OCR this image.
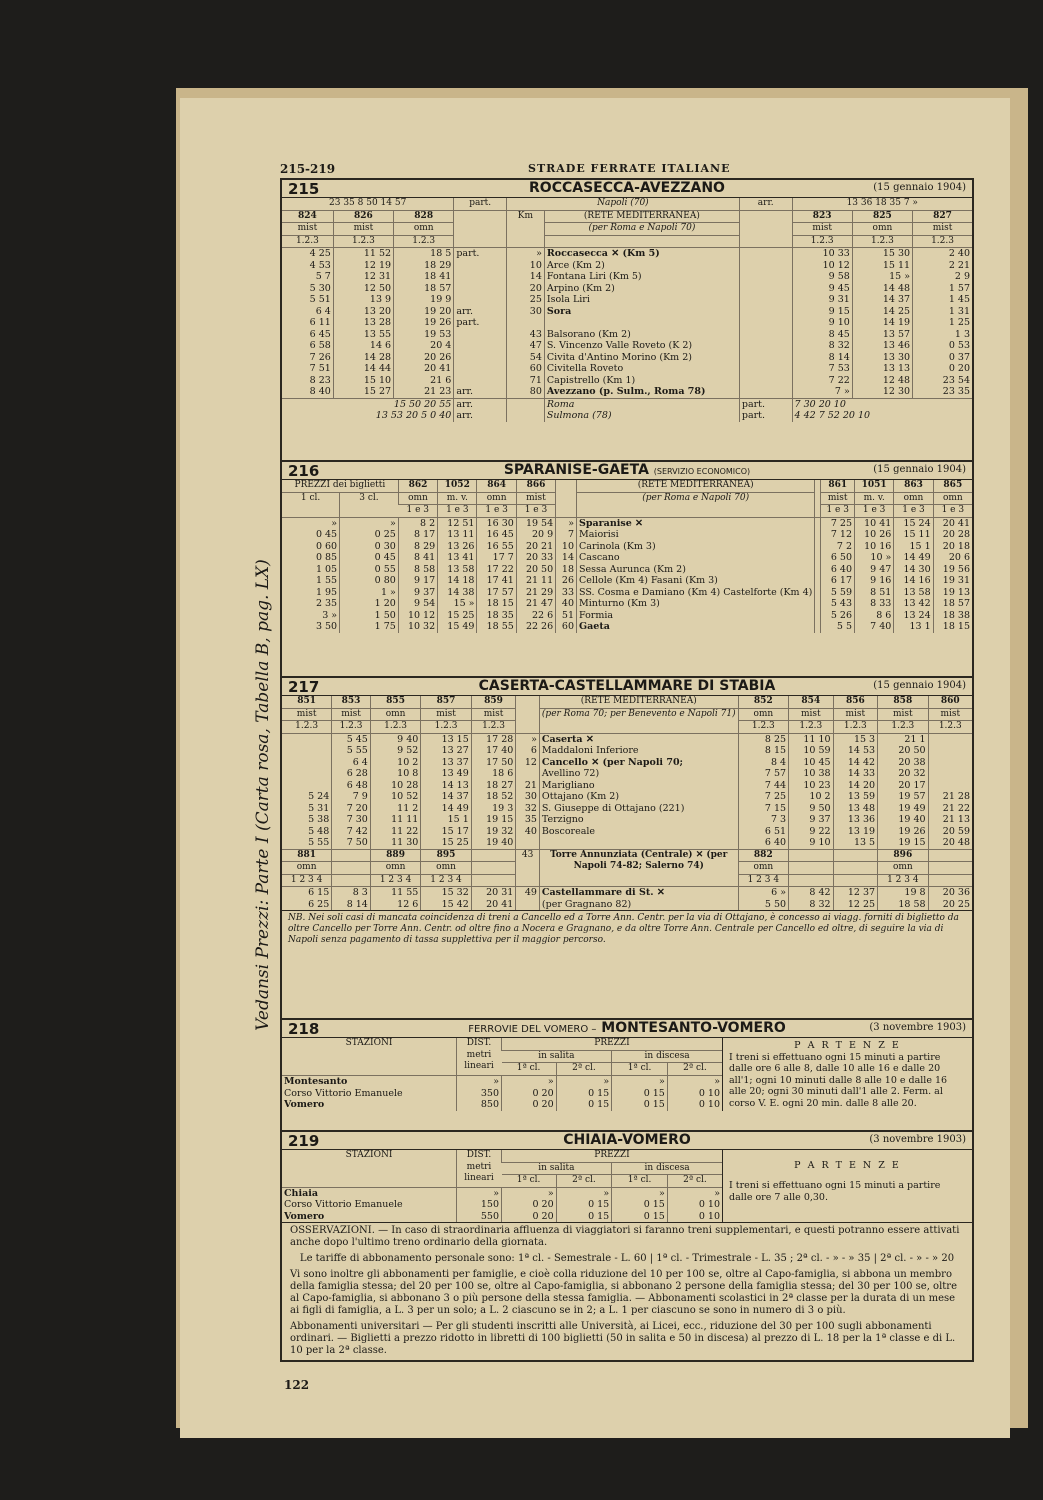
215-219	STRADE FERRATE ITALIANE
Vedansi Prezzi: Parte I (Carta rosa, Tabella B, pag. LX)
215	ROCCASECCA-AVEZZANO	(15 gennaio 1904)
23 35 8 50 14 57			part.	Napoli (70)		arr.	13 36 18 35 7 »		
824	826	828		Km	(RETE MEDITERRANEA)		823	825	827
mist	mist	omn			(per Roma e Napoli 70)		mist	omn	mist
1.2.3	1.2.3	1.2.3					1.2.3	1.2.3	1.2.3
4 25	11 52	18 5	part.	»	Roccasecca ✕ (Km 5)		10 33	15 30	2 40
4 53	12 19	18 29		10	Arce (Km 2)		10 12	15 11	2 21
5 7	12 31	18 41		14	Fontana Liri (Km 5)		9 58	15 »	2 9
5 30	12 50	18 57		20	Arpino (Km 2)		9 45	14 48	1 57
5 51	13 9	19 9		25	Isola Liri		9 31	14 37	1 45
6 4	13 20	19 20	arr.	30	Sora		9 15	14 25	1 31
6 11	13 28	19 26	part.				9 10	14 19	1 25
6 45	13 55	19 53		43	Balsorano (Km 2)		8 45	13 57	1 3
6 58	14 6	20 4		47	S. Vincenzo Valle Roveto (K 2)		8 32	13 46	0 53
7 26	14 28	20 26		54	Civita d'Antino Morino (Km 2)		8 14	13 30	0 37
7 51	14 44	20 41		60	Civitella Roveto		7 53	13 13	0 20
8 23	15 10	21 6		71	Capistrello (Km 1)		7 22	12 48	23 54
8 40	15 27	21 23	arr.	80	Avezzano (p. Sulm., Roma 78)		7 »	12 30	23 35
15 50 20 55			arr.		Roma	part.	7 30 20 10		
13 53 20 5 0 40			arr.		Sulmona (78)	part.	4 42 7 52 20 10		
216	SPARANISE-GAETA (SERVIZIO ECONOMICO)	(15 gennaio 1904)
PREZZI dei biglietti		862	1052	864	866		(RETE MEDITERRANEA)		861	1051	863	865
1 cl.	3 cl.	omn	m. v.	omn	mist		(per Roma e Napoli 70)		mist	m. v.	omn	omn
		1 e 3	1 e 3	1 e 3	1 e 3				1 e 3	1 e 3	1 e 3	1 e 3
»	»	8 2	12 51	16 30	19 54	»	Sparanise ✕		7 25	10 41	15 24	20 41
0 45	0 25	8 17	13 11	16 45	20 9	7	Maiorisi		7 12	10 26	15 11	20 28
0 60	0 30	8 29	13 26	16 55	20 21	10	Carinola (Km 3)		7 2	10 16	15 1	20 18
0 85	0 45	8 41	13 41	17 7	20 33	14	Cascano		6 50	10 »	14 49	20 6
1 05	0 55	8 58	13 58	17 22	20 50	18	Sessa Aurunca (Km 2)		6 40	9 47	14 30	19 56
1 55	0 80	9 17	14 18	17 41	21 11	26	Cellole (Km 4) Fasani (Km 3)		6 17	9 16	14 16	19 31
1 95	1 »	9 37	14 38	17 57	21 29	33	SS. Cosma e Damiano (Km 4) Castelforte (Km 4)		5 59	8 51	13 58	19 13
2 35	1 20	9 54	15 »	18 15	21 47	40	Minturno (Km 3)		5 43	8 33	13 42	18 57
3 »	1 50	10 12	15 25	18 35	22 6	51	Formia		5 26	8 6	13 24	18 38
3 50	1 75	10 32	15 49	18 55	22 26	60	Gaeta		5 5	7 40	13 1	18 15
217	CASERTA-CASTELLAMMARE DI STABIA	(15 gennaio 1904)
851	853	855	857	859		(RETE MEDITERRANEA)	852	854	856	858	860
mist	mist	omn	mist	mist		(per Roma 70; per Benevento e Napoli 71)	omn	mist	mist	mist	mist
1.2.3	1.2.3	1.2.3	1.2.3	1.2.3			1.2.3	1.2.3	1.2.3	1.2.3	1.2.3
	5 45	9 40	13 15	17 28	»	Caserta ✕	8 25	11 10	15 3	21 1	
	5 55	9 52	13 27	17 40	6	Maddaloni Inferiore	8 15	10 59	14 53	20 50	
	6 4	10 2	13 37	17 50	12	Cancello ✕ (per Napoli 70;	8 4	10 45	14 42	20 38	
	6 28	10 8	13 49	18 6		Avellino 72)	7 57	10 38	14 33	20 32	
	6 48	10 28	14 13	18 27	21	Marigliano	7 44	10 23	14 20	20 17	
5 24	7 9	10 52	14 37	18 52	30	Ottajano (Km 2)	7 25	10 2	13 59	19 57	21 28
5 31	7 20	11 2	14 49	19 3	32	S. Giuseppe di Ottajano (221)	7 15	9 50	13 48	19 49	21 22
5 38	7 30	11 11	15 1	19 15	35	Terzigno	7 3	9 37	13 36	19 40	21 13
5 48	7 42	11 22	15 17	19 32	40	Boscoreale	6 51	9 22	13 19	19 26	20 59
5 55	7 50	11 30	15 25	19 40			6 40	9 10	13 5	19 15	20 48
881		889	895		43	Torre Annunziata (Centrale) ✕ (per Napoli 74-82; Salerno 74)	882			896	
omn		omn	omn				omn			omn	
1 2 3 4		1 2 3 4	1 2 3 4				1 2 3 4			1 2 3 4	
6 15	8 3	11 55	15 32	20 31	49	Castellammare di St. ✕	6 »	8 42	12 37	19 8	20 36
6 25	8 14	12 6	15 42	20 41		(per Gragnano 82)	5 50	8 32	12 25	18 58	20 25
NB. Nei soli casi di mancata coincidenza di treni a Cancello ed a Torre Ann. Centr. per la via di Ottajano, è concesso ai viagg. forniti di biglietto da oltre Cancello per Torre Ann. Centr. od oltre fino a Nocera e Gragnano, e da oltre Torre Ann. Centrale per Cancello ed oltre, di seguire la via di Napoli senza pagamento di tassa supplettiva per il maggior percorso.
218	FERROVIE DEL VOMERO – MONTESANTO-VOMERO	(3 novembre 1903)
STAZIONI	DIST. metri lineari	PREZZI			
		in salita		in discesa	
		1ª cl.	2ª cl.	1ª cl.	2ª cl.
Montesanto	»	»	»	»	»
Corso Vittorio Emanuele	350	0 20	0 15	0 15	0 10
Vomero	850	0 20	0 15	0 15	0 10
P A R T E N Z E
I treni si effettuano ogni 15 minuti a partire dalle ore 6 alle 8, dalle 10 alle 16 e dalle 20 all'1; ogni 10 minuti dalle 8 alle 10 e dalle 16 alle 20; ogni 30 minuti dall'1 alle 2. Ferm. al corso V. E. ogni 20 min. dalle 8 alle 20.
219	CHIAIA-VOMERO	(3 novembre 1903)
STAZIONI	DIST. metri lineari	PREZZI			
		in salita		in discesa	
		1ª cl.	2ª cl.	1ª cl.	2ª cl.
Chiaia	»	»	»	»	»
Corso Vittorio Emanuele	150	0 20	0 15	0 15	0 10
Vomero	550	0 20	0 15	0 15	0 10
P A R T E N Z E
I treni si effettuano ogni 15 minuti a partire dalle ore 7 alle 0,30.
OSSERVAZIONI. — In caso di straordinaria affluenza di viaggiatori si faranno treni supplementari, e questi potranno essere attivati anche dopo l'ultimo treno ordinario della giornata.
Le tariffe di abbonamento personale sono: 1ª cl. - Semestrale - L. 60 | 1ª cl. - Trimestrale - L. 35 ; 2ª cl. - » - » 35 | 2ª cl. - » - » 20
Vi sono inoltre gli abbonamenti per famiglie, e cioè colla riduzione del 10 per 100 se, oltre al Capo-famiglia, si abbona un membro della famiglia stessa; del 20 per 100 se, oltre al Capo-famiglia, si abbonano 2 persone della famiglia stessa; del 30 per 100 se, oltre al Capo-famiglia, si abbonano 3 o più persone della stessa famiglia. — Abbonamenti scolastici in 2ª classe per la durata di un mese ai figli di famiglia, a L. 3 per un solo; a L. 2 ciascuno se in 2; a L. 1 per ciascuno se sono in numero di 3 o più.
Abbonamenti universitari — Per gli studenti inscritti alle Università, ai Licei, ecc., riduzione del 30 per 100 sugli abbonamenti ordinari. — Biglietti a prezzo ridotto in libretti di 100 biglietti (50 in salita e 50 in discesa) al prezzo di L. 18 per la 1ª classe e di L. 10 per la 2ª classe.
122
